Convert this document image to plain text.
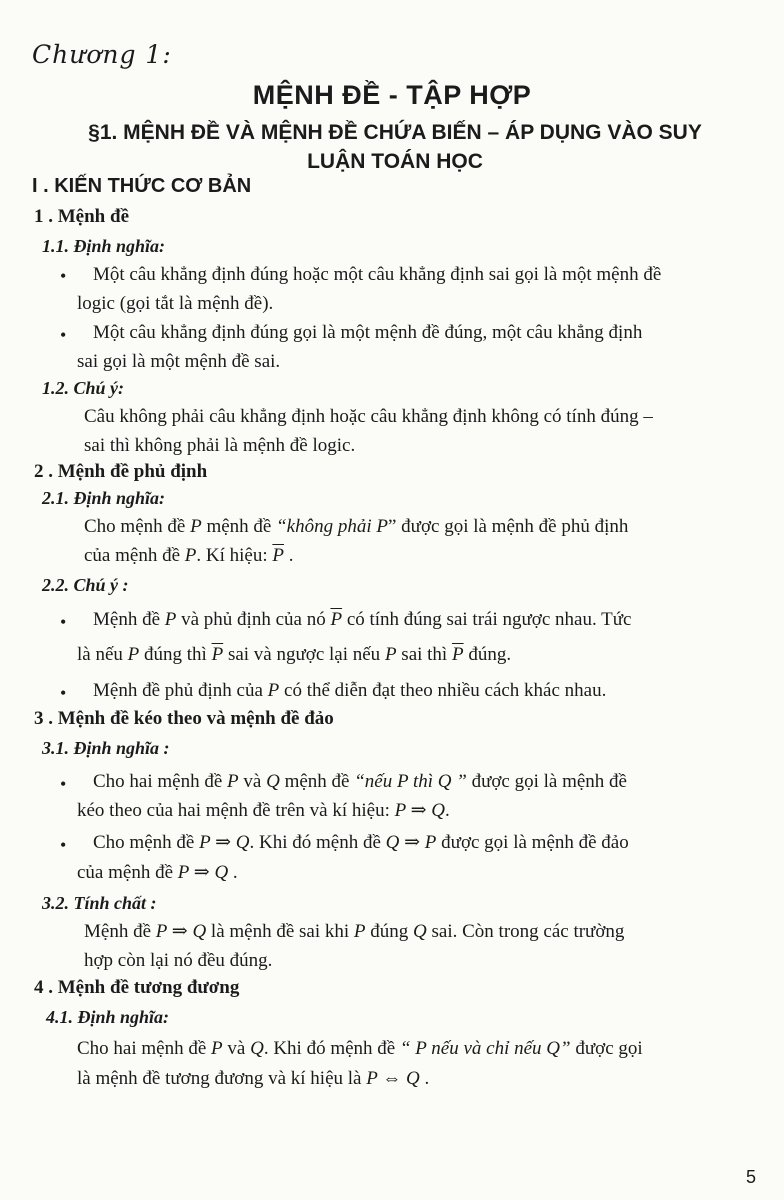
Chương 1:
MỆNH ĐỀ - TẬP HỢP
§1. MỆNH ĐỀ VÀ MỆNH ĐỀ CHỨA BIẾN – ÁP DỤNG VÀO SUY
LUẬN TOÁN HỌC
I . KIẾN THỨC CƠ BẢN
1 . Mệnh đề
1.1. Định nghĩa:
• Một câu khẳng định đúng hoặc một câu khẳng định sai gọi là một mệnh đề
logic (gọi tắt là mệnh đề).
• Một câu khẳng định đúng gọi là một mệnh đề đúng, một câu khẳng định
sai gọi là một mệnh đề sai.
1.2. Chú ý:
Câu không phải câu khẳng định hoặc câu khẳng định không có tính đúng –
sai thì không phải là mệnh đề logic.
2 . Mệnh đề phủ định
2.1. Định nghĩa:
Cho mệnh đề P mệnh đề “không phải P” được gọi là mệnh đề phủ định
của mệnh đề P. Kí hiệu: $\overline{P}$ .
2.2. Chú ý :
• Mệnh đề P và phủ định của nó $\overline{P}$ có tính đúng sai trái ngược nhau. Tức
là nếu P đúng thì $\overline{P}$ sai và ngược lại nếu P sai thì $\overline{P}$ đúng.
• Mệnh đề phủ định của P có thể diễn đạt theo nhiều cách khác nhau.
3 . Mệnh đề kéo theo và mệnh đề đảo
3.1. Định nghĩa :
• Cho hai mệnh đề P và Q mệnh đề “nếu P thì Q ” được gọi là mệnh đề
kéo theo của hai mệnh đề trên và kí hiệu: P ⇒ Q.
• Cho mệnh đề P ⇒ Q. Khi đó mệnh đề Q ⇒ P được gọi là mệnh đề đảo
của mệnh đề P ⇒ Q .
3.2. Tính chất :
Mệnh đề P ⇒ Q là mệnh đề sai khi P đúng Q sai. Còn trong các trường
hợp còn lại nó đều đúng.
4 . Mệnh đề tương đương
4.1. Định nghĩa:
Cho hai mệnh đề P và Q. Khi đó mệnh đề “ P nếu và chỉ nếu Q” được gọi
là mệnh đề tương đương và kí hiệu là P ⇔ Q .
5
